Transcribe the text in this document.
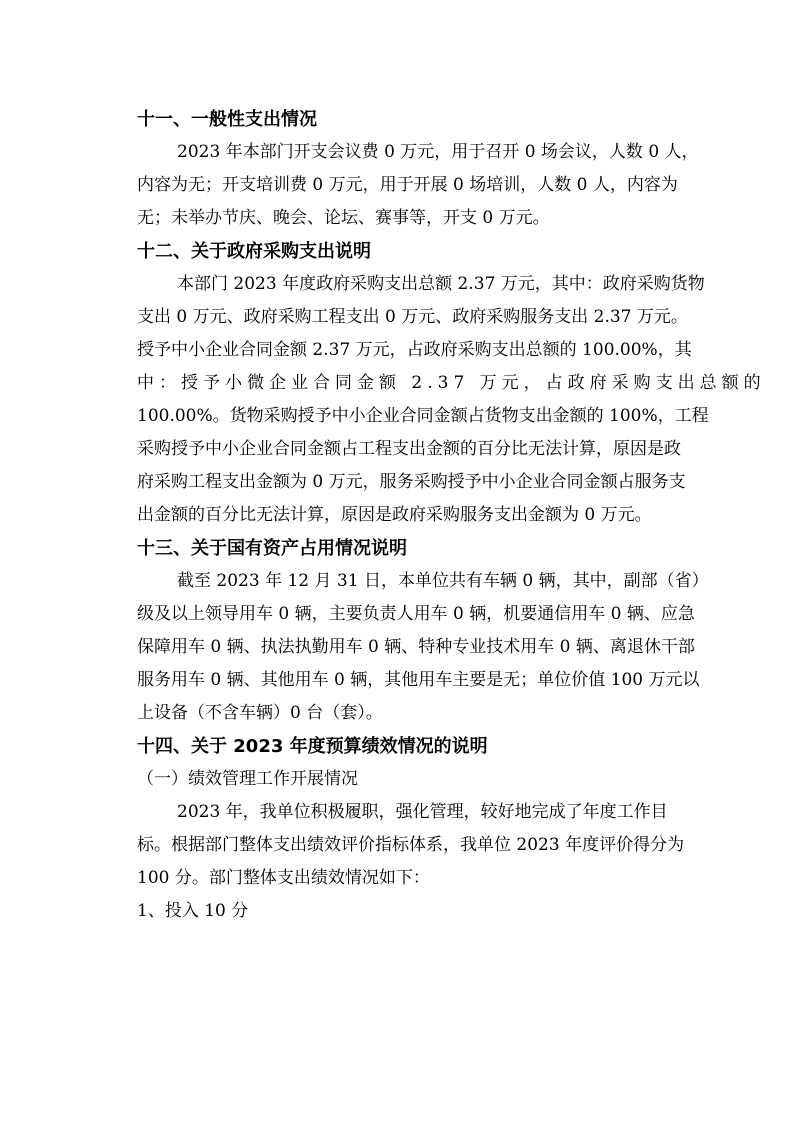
十一、一般性支出情况

2023 年本部门开支会议费 0 万元，用于召开 0 场会议，人数 0 人，
内容为无；开支培训费 0 万元，用于开展 0 场培训，人数 0 人，内容为
无；未举办节庆、晚会、论坛、赛事等，开支 0 万元。

十二、关于政府采购支出说明

本部门 2023 年度政府采购支出总额 2.37 万元，其中：政府采购货物
支出 0 万元、政府采购工程支出 0 万元、政府采购服务支出 2.37 万元。
授予中小企业合同金额 2.37 万元，占政府采购支出总额的 100.00%，其
中：授予小微企业合同金额 2.37 万元，占政府采购支出总额的
100.00%。货物采购授予中小企业合同金额占货物支出金额的 100%，工程
采购授予中小企业合同金额占工程支出金额的百分比无法计算，原因是政
府采购工程支出金额为 0 万元，服务采购授予中小企业合同金额占服务支
出金额的百分比无法计算，原因是政府采购服务支出金额为 0 万元。

十三、关于国有资产占用情况说明

截至 2023 年 12 月 31 日，本单位共有车辆 0 辆，其中，副部（省）
级及以上领导用车 0 辆，主要负责人用车 0 辆，机要通信用车 0 辆、应急
保障用车 0 辆、执法执勤用车 0 辆、特种专业技术用车 0 辆、离退休干部
服务用车 0 辆、其他用车 0 辆，其他用车主要是无；单位价值 100 万元以
上设备（不含车辆）0 台（套）。

十四、关于 2023 年度预算绩效情况的说明

（一）绩效管理工作开展情况

2023 年，我单位积极履职，强化管理，较好地完成了年度工作目
标。根据部门整体支出绩效评价指标体系，我单位 2023 年度评价得分为
100 分。部门整体支出绩效情况如下：

1、投入 10 分
